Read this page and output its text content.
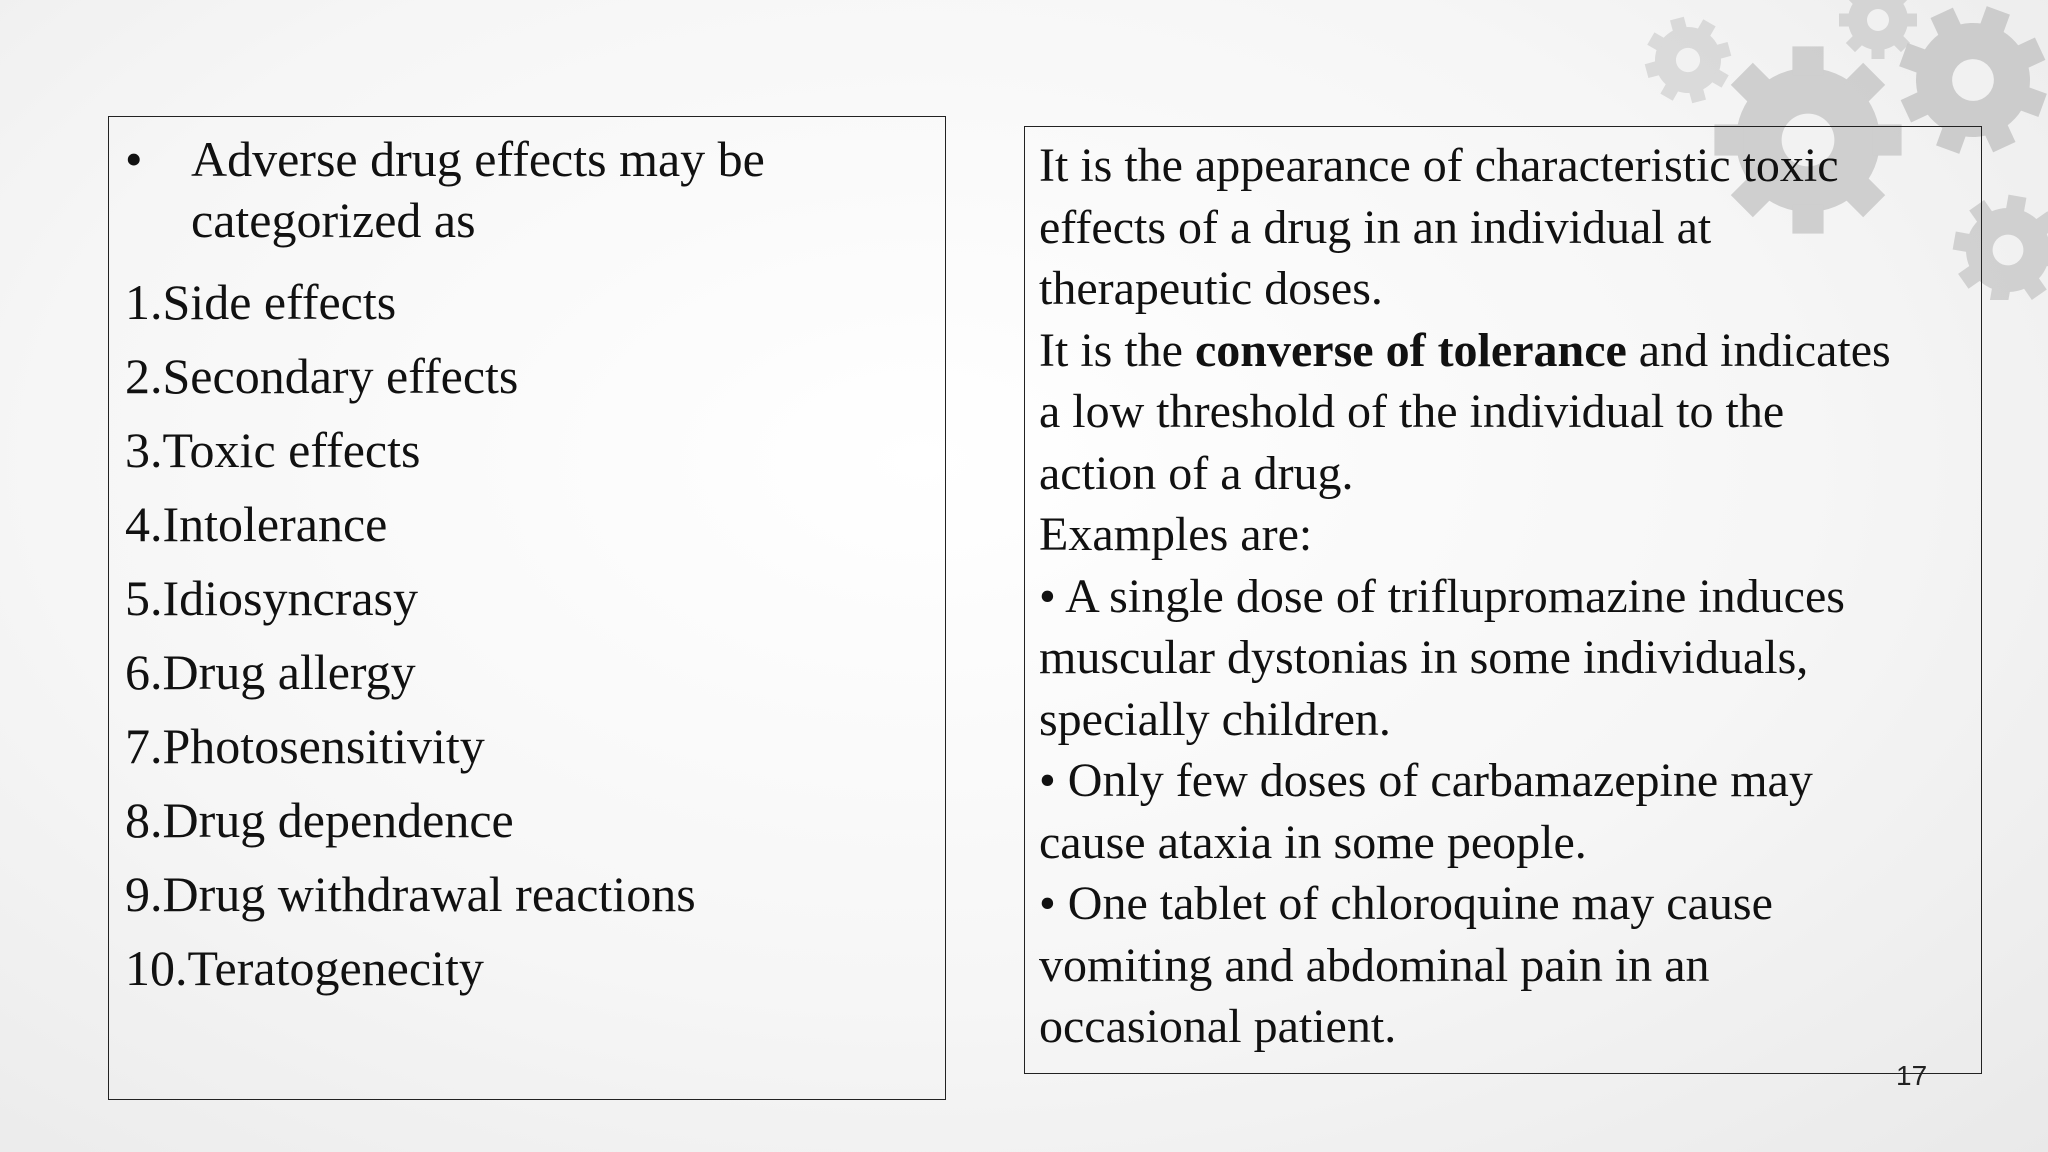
• Adverse drug effects may be
categorized as
1.Side effects
2.Secondary effects
3.Toxic effects
4.Intolerance
5.Idiosyncrasy
6.Drug allergy
7.Photosensitivity
8.Drug dependence
9.Drug withdrawal reactions
10.Teratogenecity

It is the appearance of characteristic toxic

effects of a drug in an individual at

therapeutic doses.

It is the converse of tolerance and indicates

a low threshold of the individual to the

action of a drug.

Examples are:

• A single dose of triflupromazine induces

muscular dystonias in some individuals,

specially children.

• Only few doses of carbamazepine may

cause ataxia in some people.

• One tablet of chloroquine may cause

vomiting and abdominal pain in an

occasional patient.

17
